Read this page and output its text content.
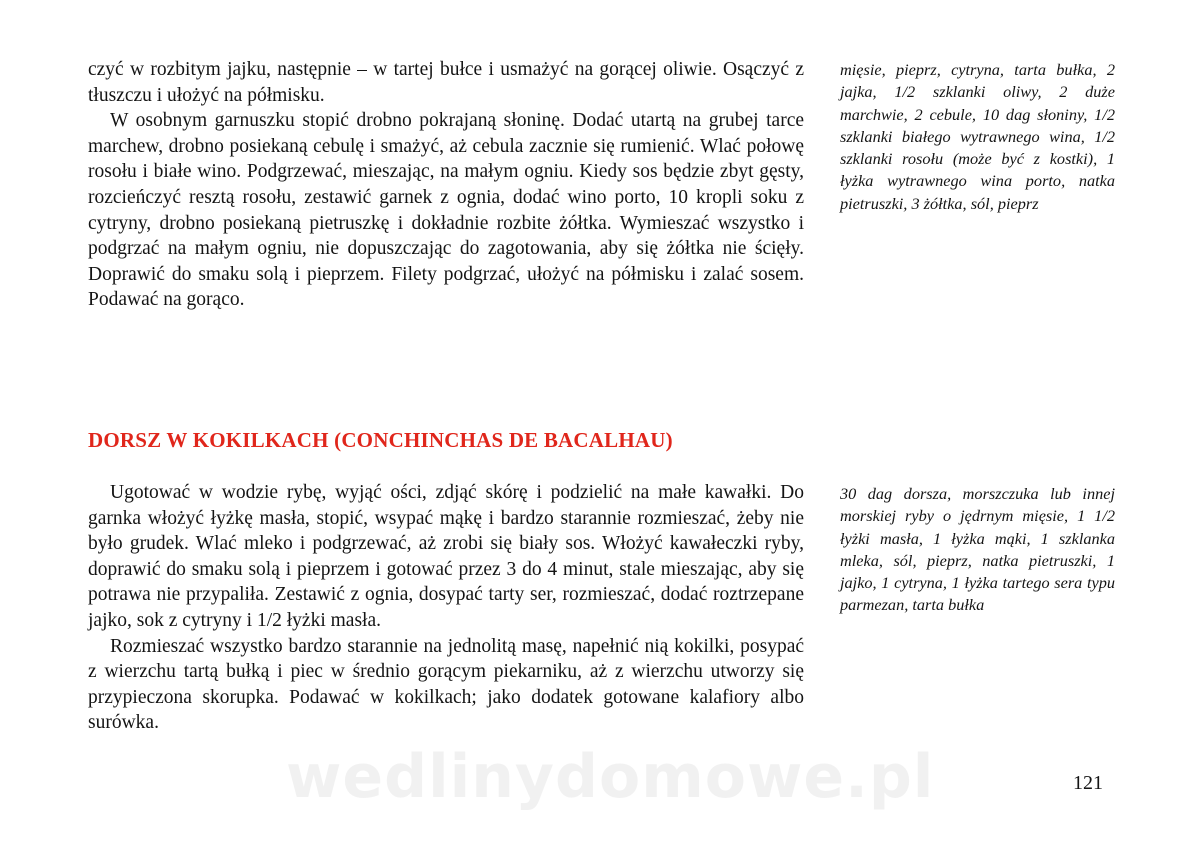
czyć w rozbitym jajku, następnie – w tartej bułce i usmażyć na gorącej oliwie. Osączyć z tłuszczu i ułożyć na półmisku.

W osobnym garnuszku stopić drobno pokrajaną słoninę. Dodać utartą na grubej tarce marchew, drobno posiekaną cebulę i smażyć, aż cebula zacznie się rumienić. Wlać połowę rosołu i białe wino. Podgrzewać, mieszając, na małym ogniu. Kiedy sos będzie zbyt gęsty, rozcieńczyć resztą rosołu, zestawić garnek z ognia, dodać wino porto, 10 kropli soku z cytryny, drobno posiekaną pietruszkę i dokładnie rozbite żółtka. Wymieszać wszystko i podgrzać na małym ogniu, nie dopuszczając do zagotowania, aby się żółtka nie ścięły. Doprawić do smaku solą i pieprzem. Filety podgrzać, ułożyć na półmisku i zalać sosem. Podawać na gorąco.

mięsie, pieprz, cytryna, tarta bułka, 2 jajka, 1/2 szklanki oliwy, 2 duże marchwie, 2 cebule, 10 dag słoniny, 1/2 szklanki białego wytrawnego wina, 1/2 szklanki rosołu (może być z kostki), 1 łyżka wytrawnego wina porto, natka pietruszki, 3 żółtka, sól, pieprz

DORSZ W KOKILKACH (CONCHINCHAS DE BACALHAU)

Ugotować w wodzie rybę, wyjąć ości, zdjąć skórę i podzielić na małe kawałki. Do garnka włożyć łyżkę masła, stopić, wsypać mąkę i bardzo starannie rozmieszać, żeby nie było grudek. Wlać mleko i podgrzewać, aż zrobi się biały sos. Włożyć kawałeczki ryby, doprawić do smaku solą i pieprzem i gotować przez 3 do 4 minut, stale mieszając, aby się potrawa nie przypaliła. Zestawić z ognia, dosypać tarty ser, rozmieszać, dodać roztrzepane jajko, sok z cytryny i 1/2 łyżki masła.

Rozmieszać wszystko bardzo starannie na jednolitą masę, napełnić nią kokilki, posypać z wierzchu tartą bułką i piec w średnio gorącym piekarniku, aż z wierzchu utworzy się przypieczona skorupka. Podawać w kokilkach; jako dodatek gotowane kalafiory albo surówka.

30 dag dorsza, morszczuka lub innej morskiej ryby o jędrnym mięsie, 1 1/2 łyżki masła, 1 łyżka mąki, 1 szklanka mleka, sól, pieprz, natka pietruszki, 1 jajko, 1 cytryna, 1 łyżka tartego sera typu parmezan, tarta bułka

wedlinydomowe.pl	121
